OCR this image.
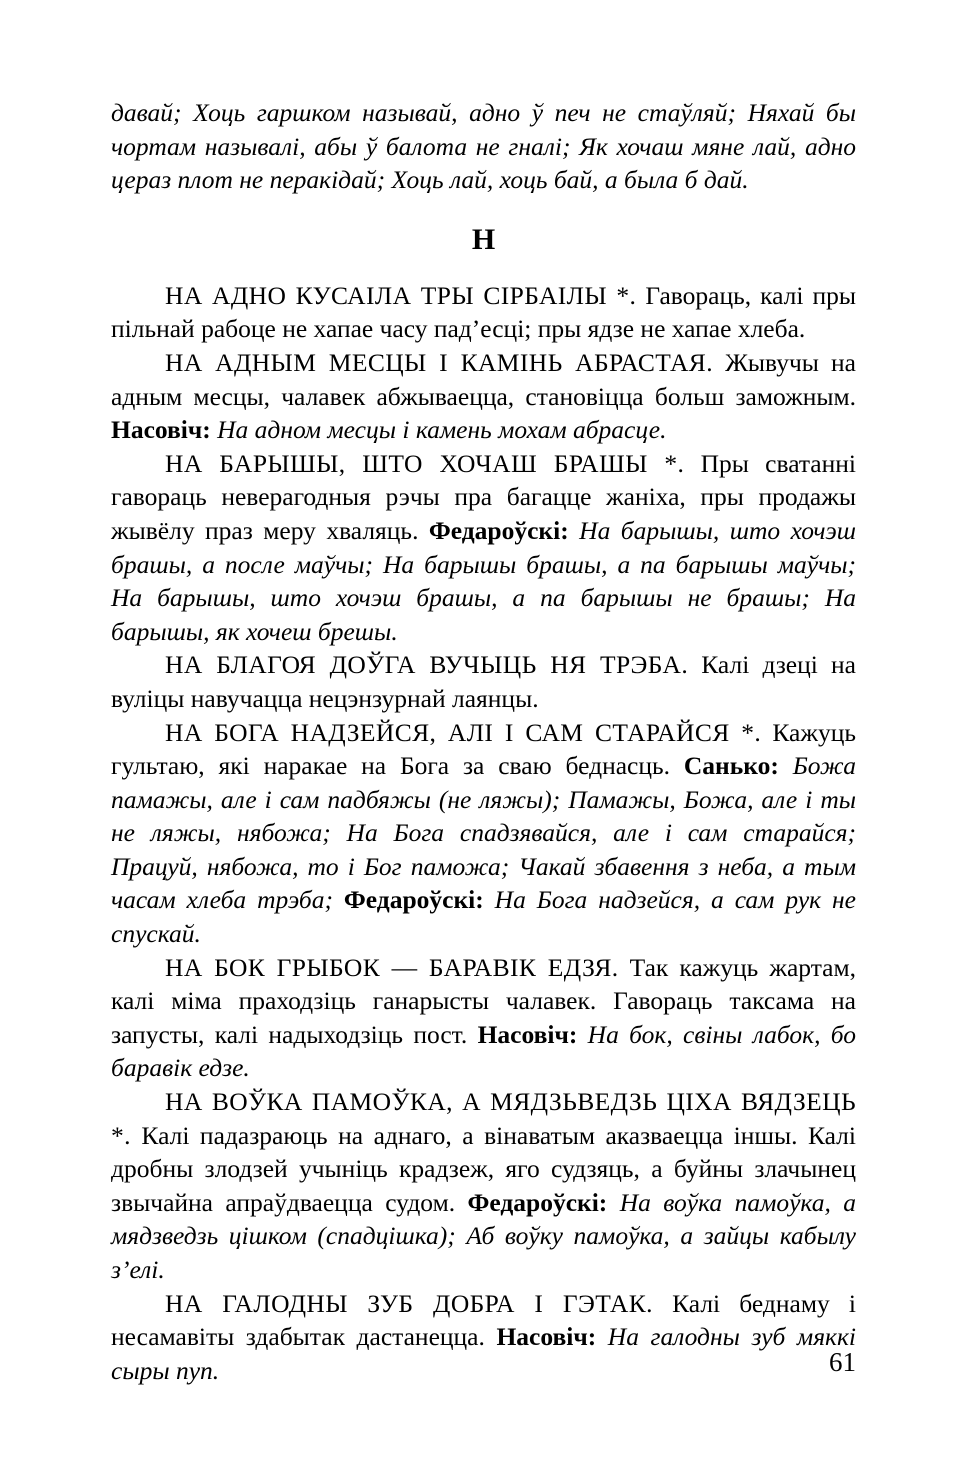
давай; Хоць гаршком называй, адно ў печ не стаўляй; Няхай бы чортам называлі, абы ў балота не гналі; Як хочаш мяне лай, адно цераз плот не перакідай; Хоць лай, хоць бай, а была б дай.

Н

НА АДНО КУСАІЛА ТРЫ СІРБАІЛЫ *. Гавораць, калі пры пільнай рабоце не хапае часу пад’есці; пры ядзе не хапае хлеба.

НА АДНЫМ МЕСЦЫ І КАМІНЬ АБРАСТАЯ. Жывучы на адным месцы, чалавек абжываецца, становіцца больш заможным. Насовіч: На адном месцы і камень мохам абрасце.

НА БАРЫШЫ, ШТО ХОЧАШ БРАШЫ *. Пры сватанні гавораць неверагодныя рэчы пра багацце жаніха, пры продажы жывёлу праз меру хваляць. Федароўскі: На барышы, што хочэш брашы, а после маўчы; На барышы брашы, а па барышы маўчы; На барышы, што хочэш брашы, а па барышы не брашы; На барышы, як хочеш брешы.

НА БЛАГОЯ ДОЎГА ВУЧЫЦЬ НЯ ТРЭБА. Калі дзеці на вуліцы навучацца нецэнзурнай лаянцы.

НА БОГА НАДЗЕЙСЯ, АЛІ І САМ СТАРАЙСЯ *. Кажуць гультаю, які наракае на Бога за сваю беднасць. Санько: Божа памажы, але і сам падбяжы (не ляжы); Памажы, Божа, але і ты не ляжы, нябожа; На Бога спадзявайся, але і сам старайся; Працуй, нябожа, то і Бог паможа; Чакай збавення з неба, а тым часам хлеба трэба; Федароўскі: На Бога надзейся, а сам рук не спускай.

НА БОК ГРЫБОК — БАРАВІК ЕДЗЯ. Так кажуць жартам, калі міма праходзіць ганарысты чалавек. Гавораць таксама на запусты, калі надыходзіць пост. Насовіч: На бок, свіны лабок, бо баравік едзе.

НА ВОЎКА ПАМОЎКА, А МЯДЗЬВЕДЗЬ ЦІХА ВЯДЗЕЦЬ *. Калі падазраюць на аднаго, а вінаватым аказваецца іншы. Калі дробны злодзей учыніць крадзеж, яго судзяць, а буйны злачынец звычайна апраўдваецца судом. Федароўскі: На воўка памоўка, а мядзведзь цішком (спадцішка); Аб воўку памоўка, а зайцы кабылу з’елі.

НА ГАЛОДНЫ ЗУБ ДОБРА І ГЭТАК. Калі беднаму і несамавіты здабытак дастанецца. Насовіч: На галодны зуб мяккі сыры пуп.	61
